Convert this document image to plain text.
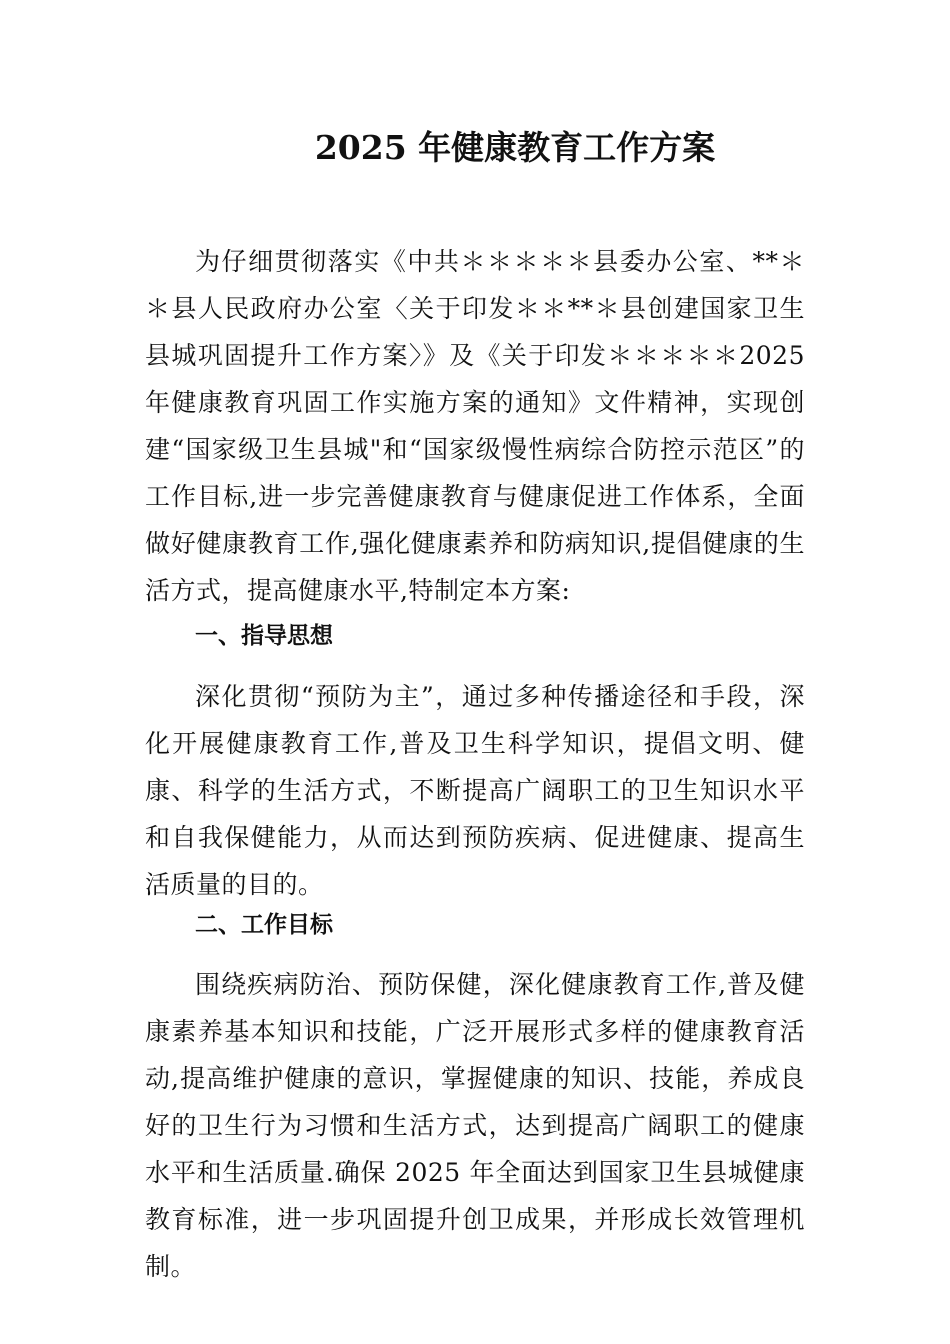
2025 年健康教育工作方案

为仔细贯彻落实《中共＊＊＊＊＊县委办公室、**＊＊县人民政府办公室〈关于印发＊＊**＊县创建国家卫生县城巩固提升工作方案〉》及《关于印发＊＊＊＊＊2025 年健康教育巩固工作实施方案的通知》文件精神，实现创建“国家级卫生县城"和“国家级慢性病综合防控示范区”的工作目标,进一步完善健康教育与健康促进工作体系，全面做好健康教育工作,强化健康素养和防病知识,提倡健康的生活方式，提高健康水平,特制定本方案:

一、指导思想

深化贯彻“预防为主”，通过多种传播途径和手段，深化开展健康教育工作,普及卫生科学知识，提倡文明、健康、科学的生活方式，不断提高广阔职工的卫生知识水平和自我保健能力，从而达到预防疾病、促进健康、提高生活质量的目的。

二、工作目标

围绕疾病防治、预防保健，深化健康教育工作,普及健康素养基本知识和技能，广泛开展形式多样的健康教育活动,提高维护健康的意识，掌握健康的知识、技能，养成良好的卫生行为习惯和生活方式，达到提高广阔职工的健康水平和生活质量.确保 2025 年全面达到国家卫生县城健康教育标准，进一步巩固提升创卫成果，并形成长效管理机制。
